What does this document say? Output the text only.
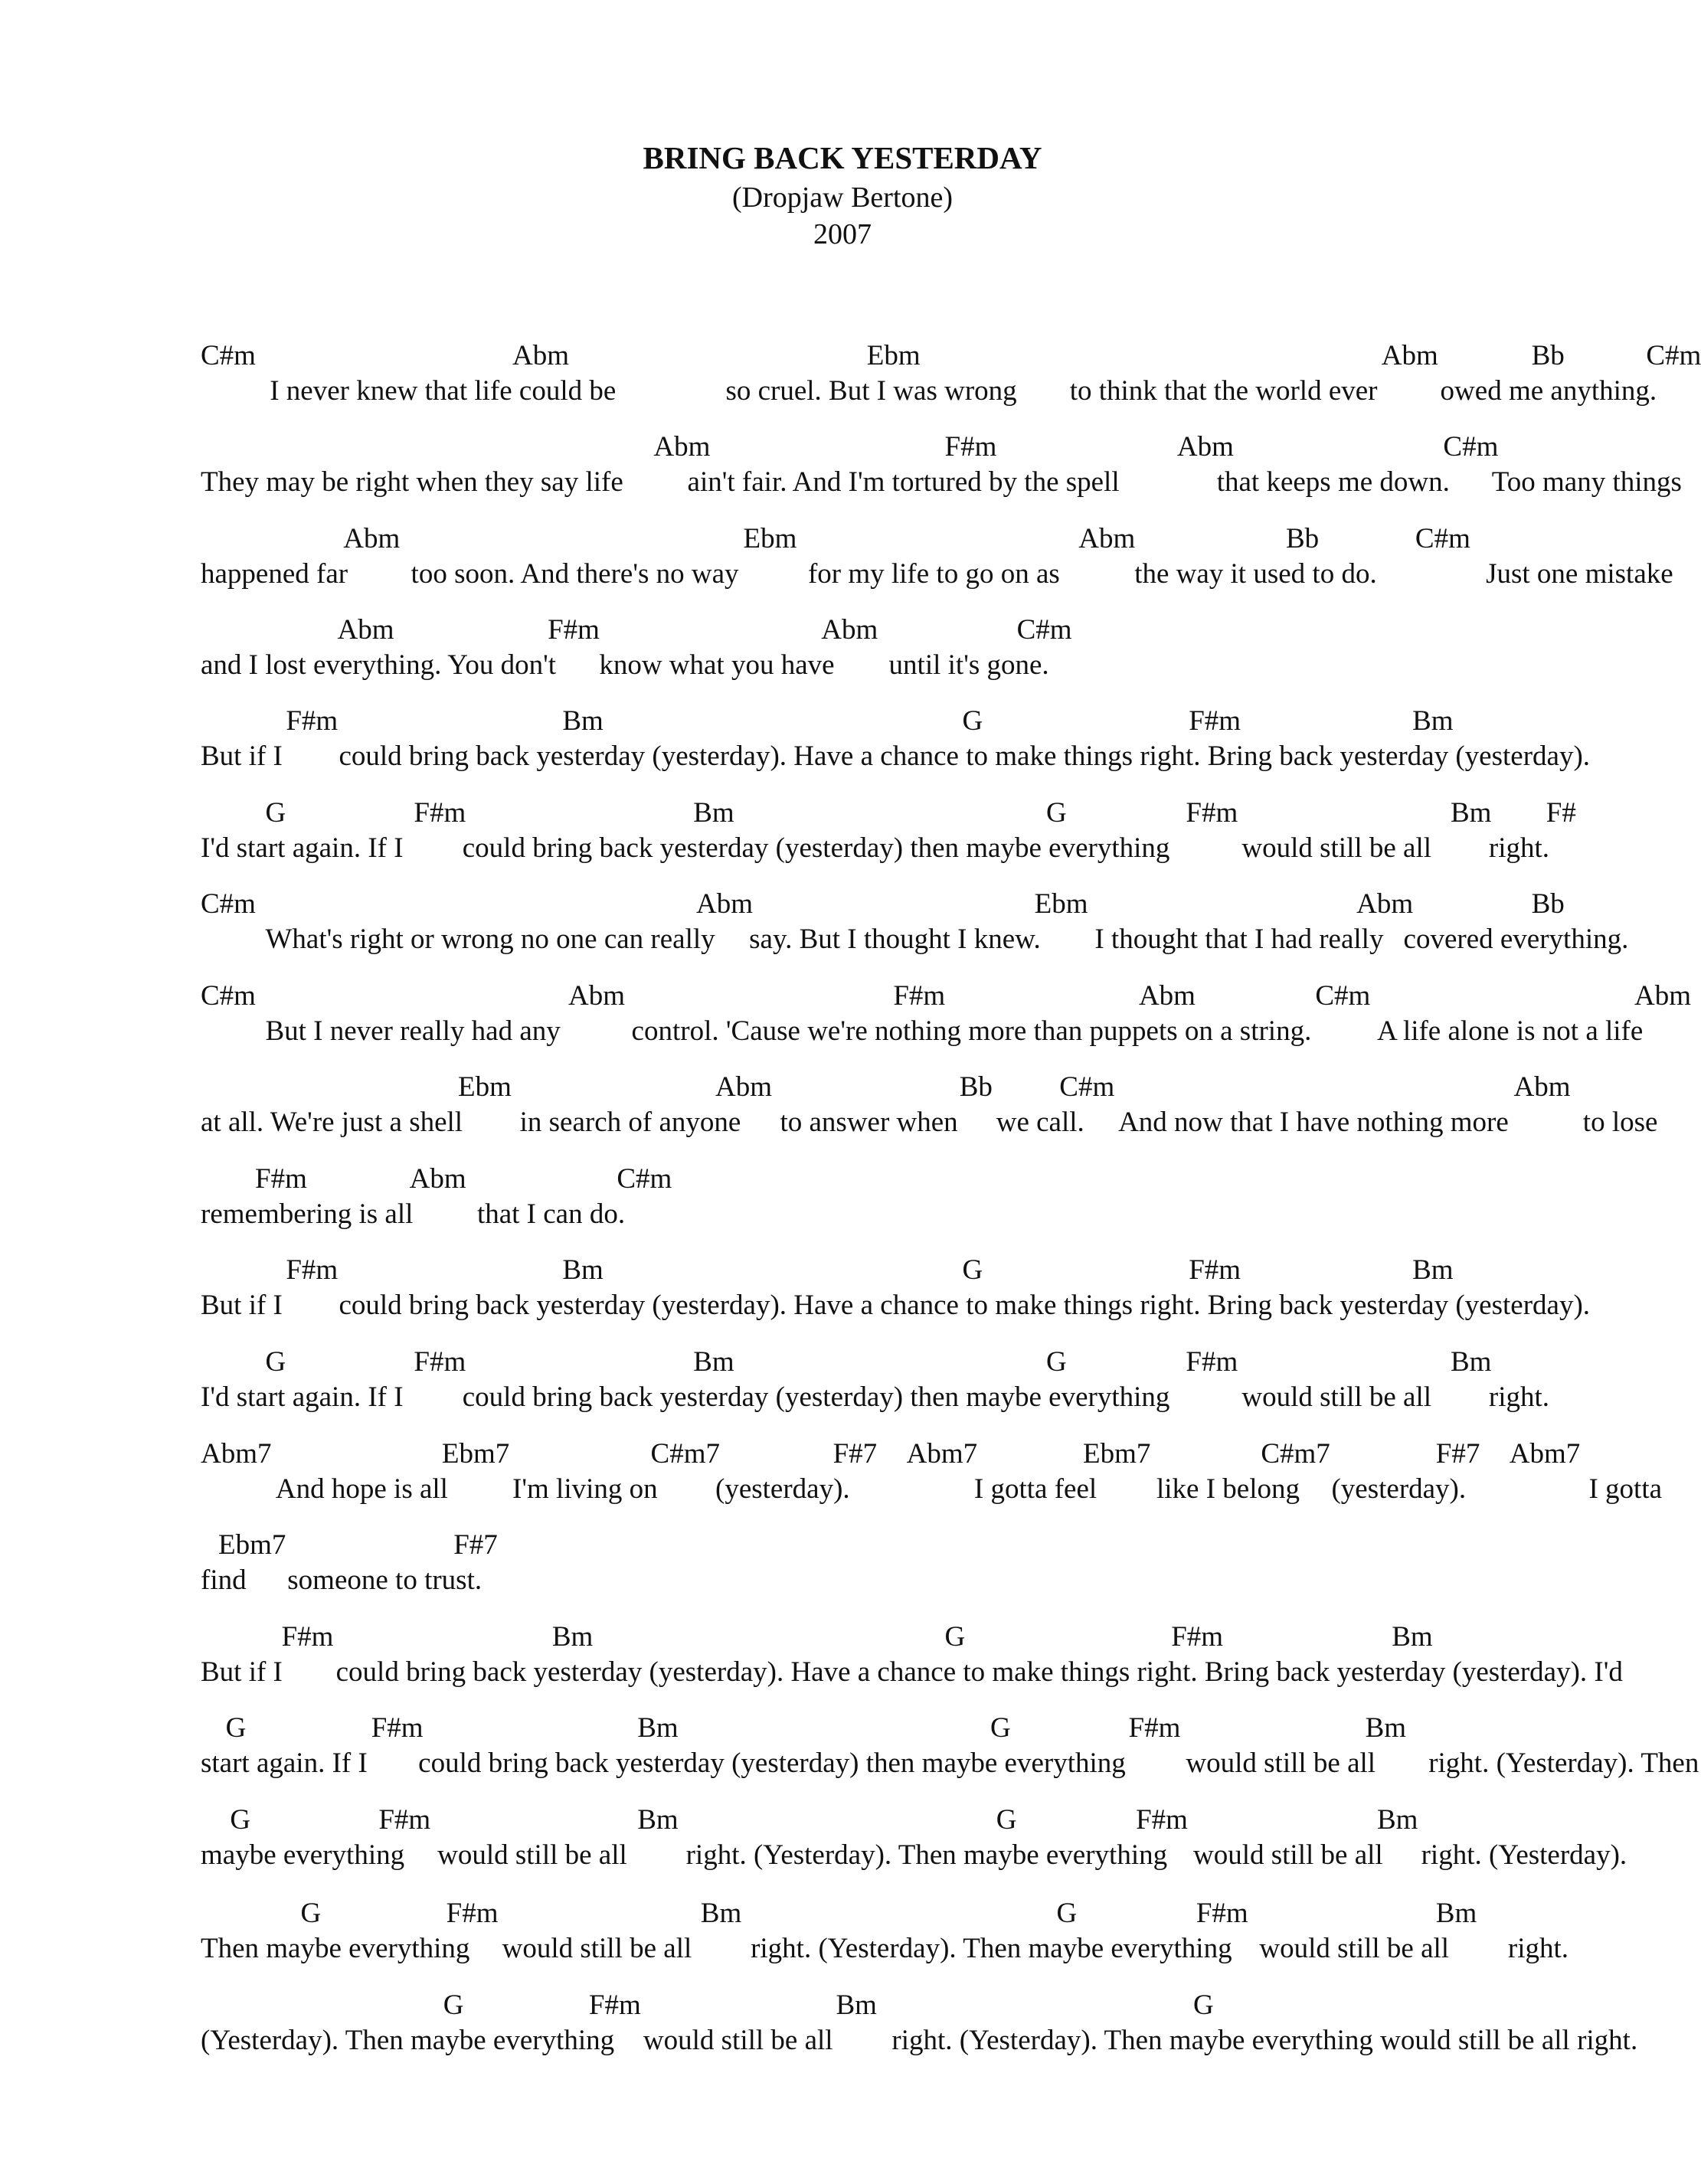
BRING BACK YESTERDAY
(Dropjaw Bertone)
2007
C#m	Abm	Ebm	Abm	Bb	C#m
I never knew that life could be	so cruel. But I was wrong to think that the world ever owed me anything.
Abm	F#m	Abm	C#m
They may be right when they say life ain't fair. And I'm tortured by the spell	that keeps me down. Too many things
Abm	Ebm	Abm	Bb	C#m
happened far too soon. And there's no way for my life to go on as	the way it used to do.	Just one mistake
Abm	F#m	Abm	C#m
and I lost everything. You don't know what you have until it's gone.
F#m	Bm	G	F#m	Bm
But if I could bring back yesterday (yesterday). Have a chance to make things right. Bring back yesterday (yesterday).
G	F#m	Bm	G	F#m	Bm F#
I'd start again. If I could bring back yesterday (yesterday) then maybe everything	would still be all right.
C#m	Abm	Ebm	Abm	Bb
What's right or wrong no one can really say. But I thought I knew. I thought that I had really covered everything.
C#m	Abm	F#m	Abm	C#m	Abm
But I never really had any	control. 'Cause we're nothing more than puppets on a string. A life alone is not a life
Ebm	Abm	Bb C#m	Abm
at all. We're just a shell in search of anyone to answer when we call. And now that I have nothing more	to lose
F#m	Abm	C#m
remembering is all that I can do.
F#m	Bm	G	F#m	Bm
But if I could bring back yesterday (yesterday). Have a chance to make things right. Bring back yesterday (yesterday).
G	F#m	Bm	G	F#m	Bm
I'd start again. If I could bring back yesterday (yesterday) then maybe everything	would still be all right.
Abm7	Ebm7	C#m7	F#7 Abm7	Ebm7	C#m7	F#7 Abm7
And hope is all I'm living on (yesterday).	I gotta feel like I belong (yesterday).	I gotta
Ebm7	F#7
find someone to trust.
F#m	Bm	G	F#m	Bm
But if I could bring back yesterday (yesterday). Have a chance to make things right. Bring back yesterday (yesterday). I'd
G	F#m	Bm	G	F#m	Bm
start again. If I could bring back yesterday (yesterday) then maybe everything would still be all right. (Yesterday). Then
G	F#m	Bm	G	F#m	Bm
maybe everything would still be all right. (Yesterday). Then maybe everything would still be all right. (Yesterday).
G	F#m	Bm	G	F#m	Bm
Then maybe everything would still be all right. (Yesterday). Then maybe everything would still be all right.
G	F#m	Bm	G
(Yesterday). Then maybe everything would still be all right. (Yesterday). Then maybe everything would still be all right.
